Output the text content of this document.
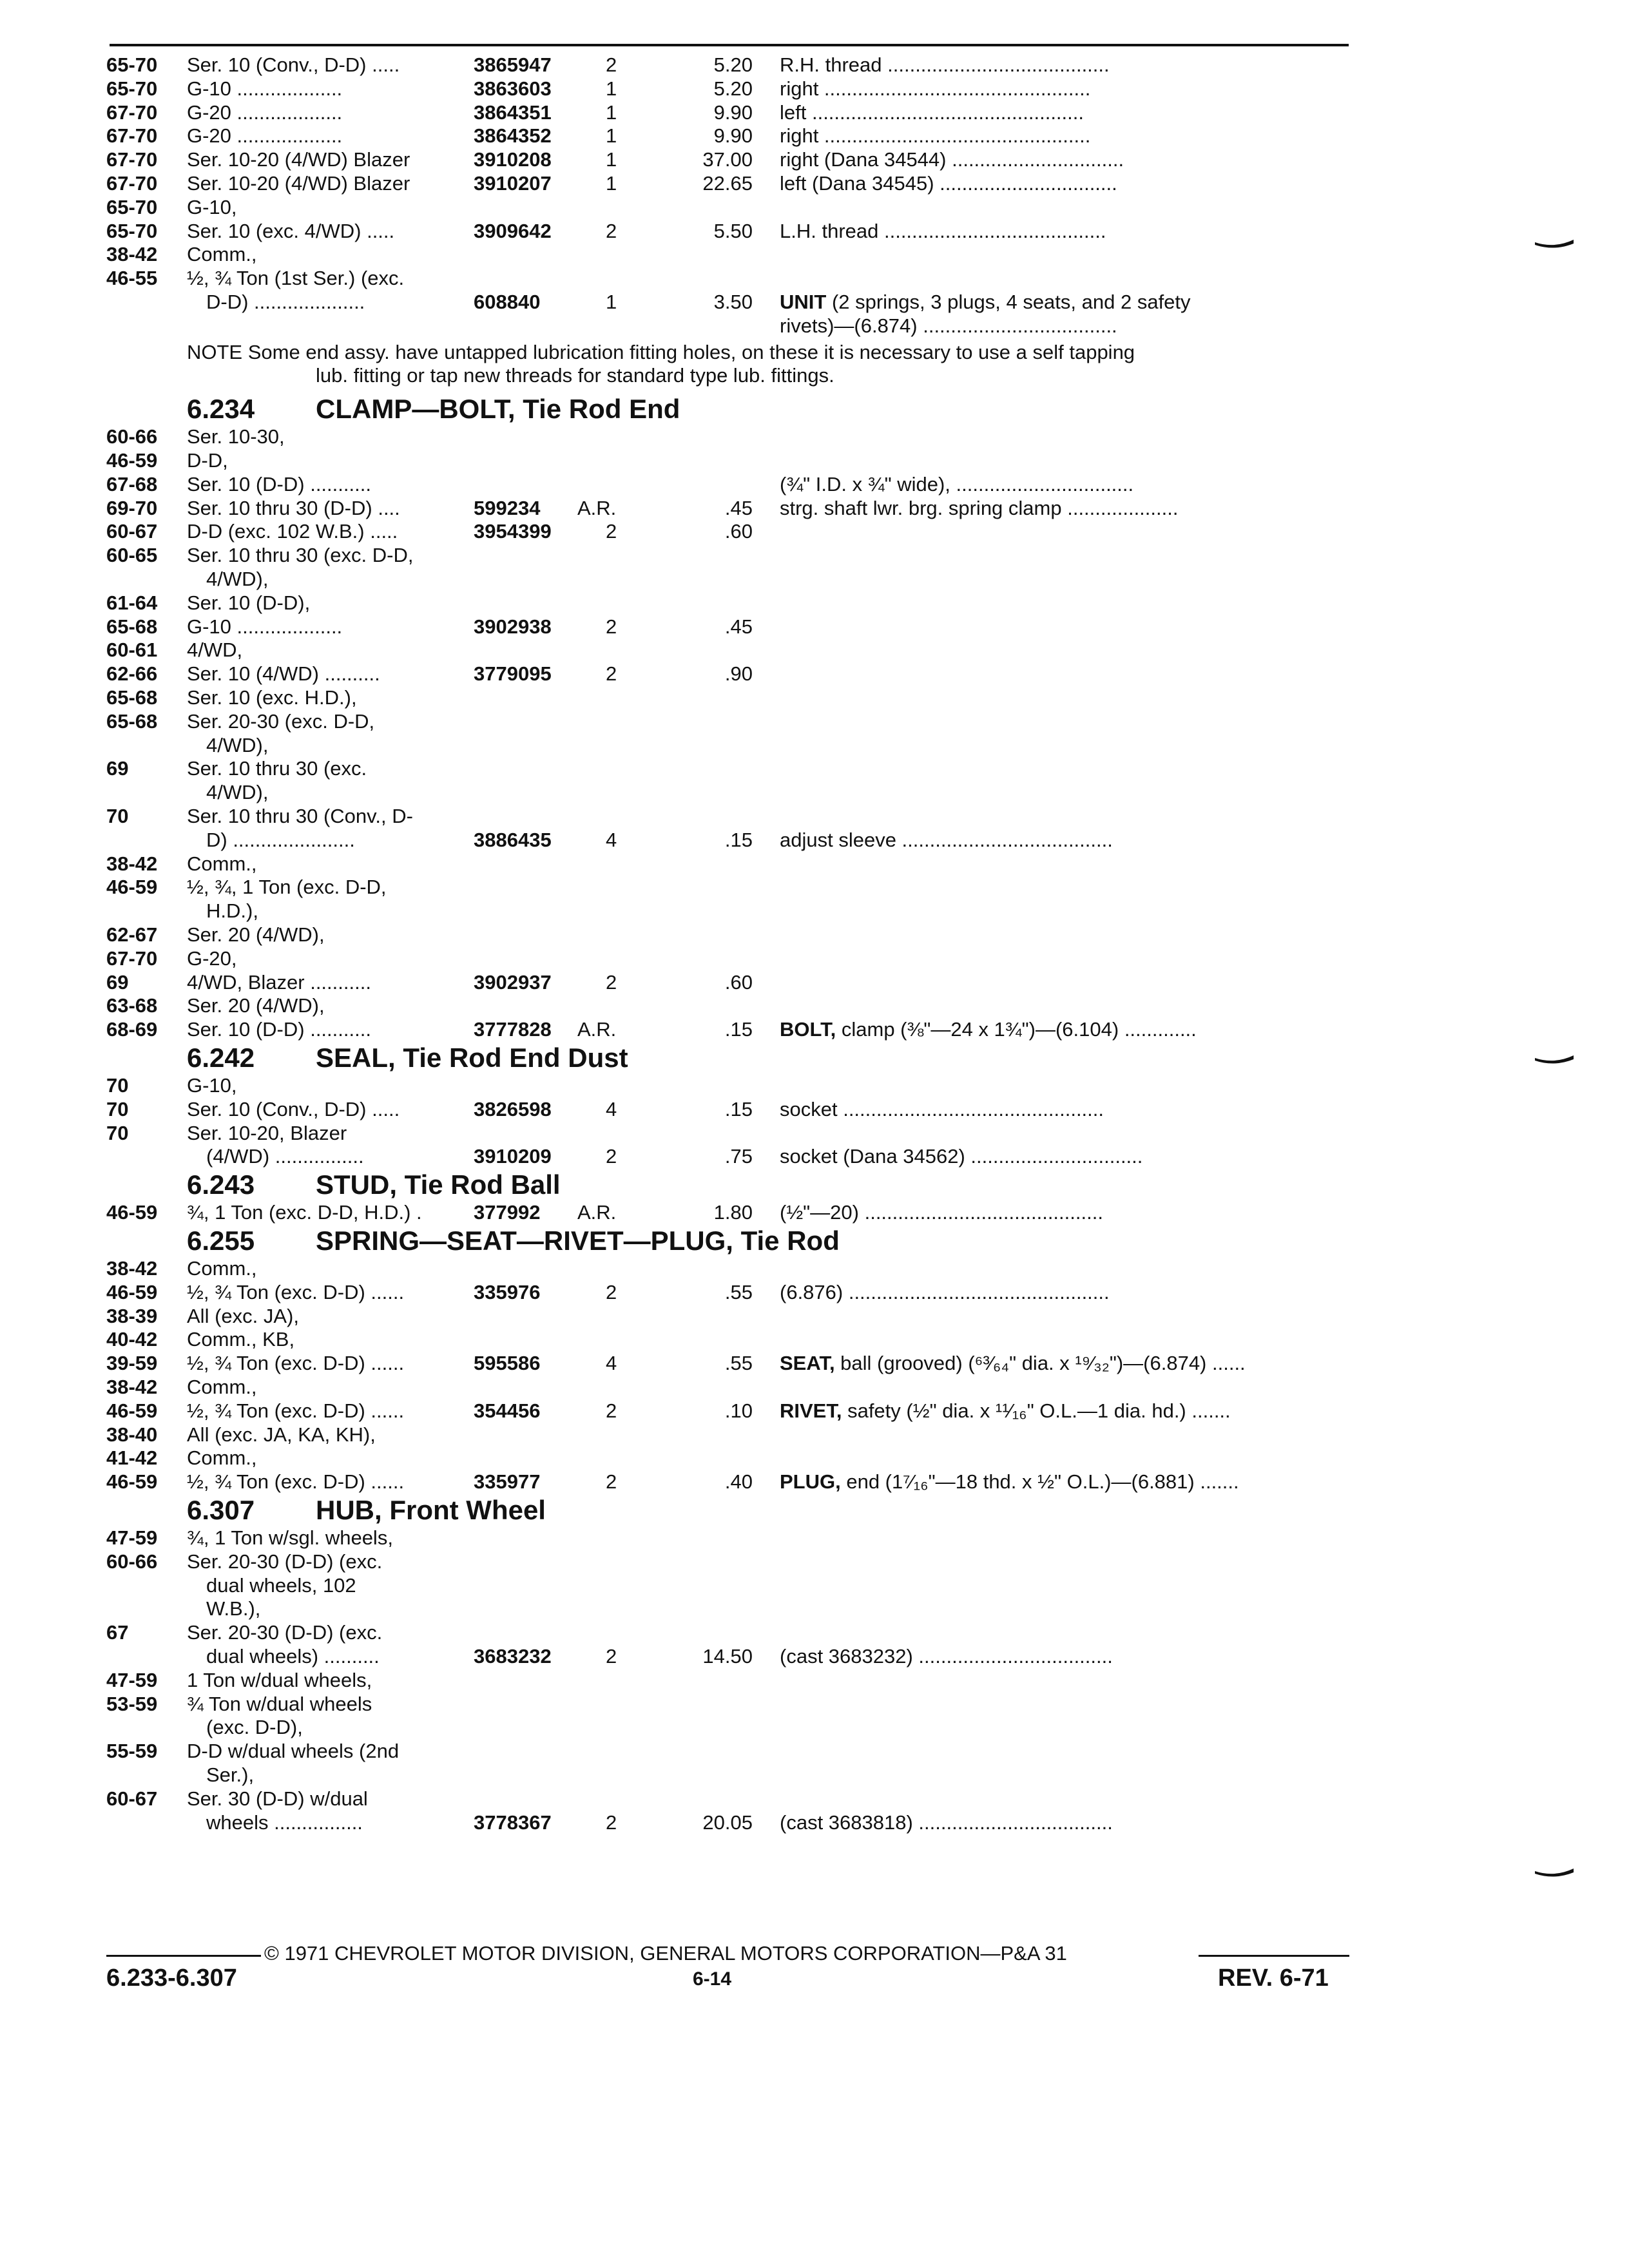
65-70 Ser. 10 (Conv., D-D) .....	3865947	2	5.20 R.H. thread ........................................
65-70 G-10 ...................	3863603	1	5.20 right ................................................
67-70 G-20 ...................	3864351	1	9.90 left .................................................
67-70 G-20 ...................	3864352	1	9.90 right ................................................
67-70 Ser. 10-20 (4/WD) Blazer	3910208	1	37.00 right (Dana 34544) ...............................
67-70 Ser. 10-20 (4/WD) Blazer	3910207	1	22.65 left (Dana 34545) ................................
65-70 G-10,
65-70 Ser. 10 (exc. 4/WD) .....	3909642	2	5.50 L.H. thread ........................................
38-42 Comm.,
46-55 ½, ¾ Ton (1st Ser.) (exc.
D-D) ....................	608840	1	3.50 UNIT (2 springs, 3 plugs, 4 seats, and 2 safety
rivets)—(6.874) ...................................
6.234 CLAMP—BOLT, Tie Rod End
60-66 Ser. 10-30,
46-59 D-D,
67-68 Ser. 10 (D-D) ...........	(¾" I.D. x ¾" wide), ................................
69-70 Ser. 10 thru 30 (D-D) ....	599234 A.R.	.45 strg. shaft lwr. brg. spring clamp ....................
60-67 D-D (exc. 102 W.B.) .....	3954399	2	.60
60-65 Ser. 10 thru 30 (exc. D-D,
4/WD),
61-64 Ser. 10 (D-D),
65-68 G-10 ...................	3902938	2	.45
60-61 4/WD,
62-66 Ser. 10 (4/WD) ..........	3779095	2	.90
65-68 Ser. 10 (exc. H.D.),
65-68 Ser. 20-30 (exc. D-D,
4/WD),
69	Ser. 10 thru 30 (exc.
4/WD),
70	Ser. 10 thru 30 (Conv., D-
D) ......................	3886435	4	.15 adjust sleeve ......................................
38-42 Comm.,
46-59 ½, ¾, 1 Ton (exc. D-D,
H.D.),
62-67 Ser. 20 (4/WD),
67-70 G-20,
69	4/WD, Blazer ...........	3902937	2	.60
63-68 Ser. 20 (4/WD),
68-69 Ser. 10 (D-D) ...........	3777828 A.R.	.15 BOLT, clamp (⅜"—24 x 1¾")—(6.104) .............
6.242 SEAL, Tie Rod End Dust
70	G-10,
70	Ser. 10 (Conv., D-D) .....	3826598	4	.15 socket ...............................................
70	Ser. 10-20, Blazer
(4/WD) ................	3910209	2	.75 socket (Dana 34562) ...............................
6.243 STUD, Tie Rod Ball
46-59 ¾, 1 Ton (exc. D-D, H.D.) .	377992 A.R.	1.80 (½"—20) ...........................................
6.255 SPRING—SEAT—RIVET—PLUG, Tie Rod
38-42 Comm.,
46-59 ½, ¾ Ton (exc. D-D) ......	335976	2	.55 (6.876) ...............................................
38-39 All (exc. JA),
40-42 Comm., KB,
39-59 ½, ¾ Ton (exc. D-D) ......	595586	4	.55 SEAT, ball (grooved) (⁶³⁄₆₄" dia. x ¹⁹⁄₃₂")—(6.874) ......
38-42 Comm.,
46-59 ½, ¾ Ton (exc. D-D) ......	354456	2	.10 RIVET, safety (½" dia. x ¹¹⁄₁₆" O.L.—1 dia. hd.) .......
38-40 All (exc. JA, KA, KH),
41-42 Comm.,
46-59 ½, ¾ Ton (exc. D-D) ......	335977	2	.40 PLUG, end (1⁷⁄₁₆"—18 thd. x ½" O.L.)—(6.881) .......
6.307 HUB, Front Wheel
47-59 ¾, 1 Ton w/sgl. wheels,
60-66 Ser. 20-30 (D-D) (exc.
dual wheels, 102
W.B.),
67	Ser. 20-30 (D-D) (exc.
dual wheels) ..........	3683232	2	14.50 (cast 3683232) ...................................
47-59 1 Ton w/dual wheels,
53-59 ¾ Ton w/dual wheels
(exc. D-D),
55-59 D-D w/dual wheels (2nd
Ser.),
60-67 Ser. 30 (D-D) w/dual
wheels ................	3778367	2	20.05 (cast 3683818) ...................................
NOTE Some end assy. have untapped lubrication fitting holes, on these it is necessary to use a self tapping
lub. fitting or tap new threads for standard type lub. fittings.
© 1971 CHEVROLET MOTOR DIVISION, GENERAL MOTORS CORPORATION—P&A 31
6.233-6.307	6-14	REV. 6-71
